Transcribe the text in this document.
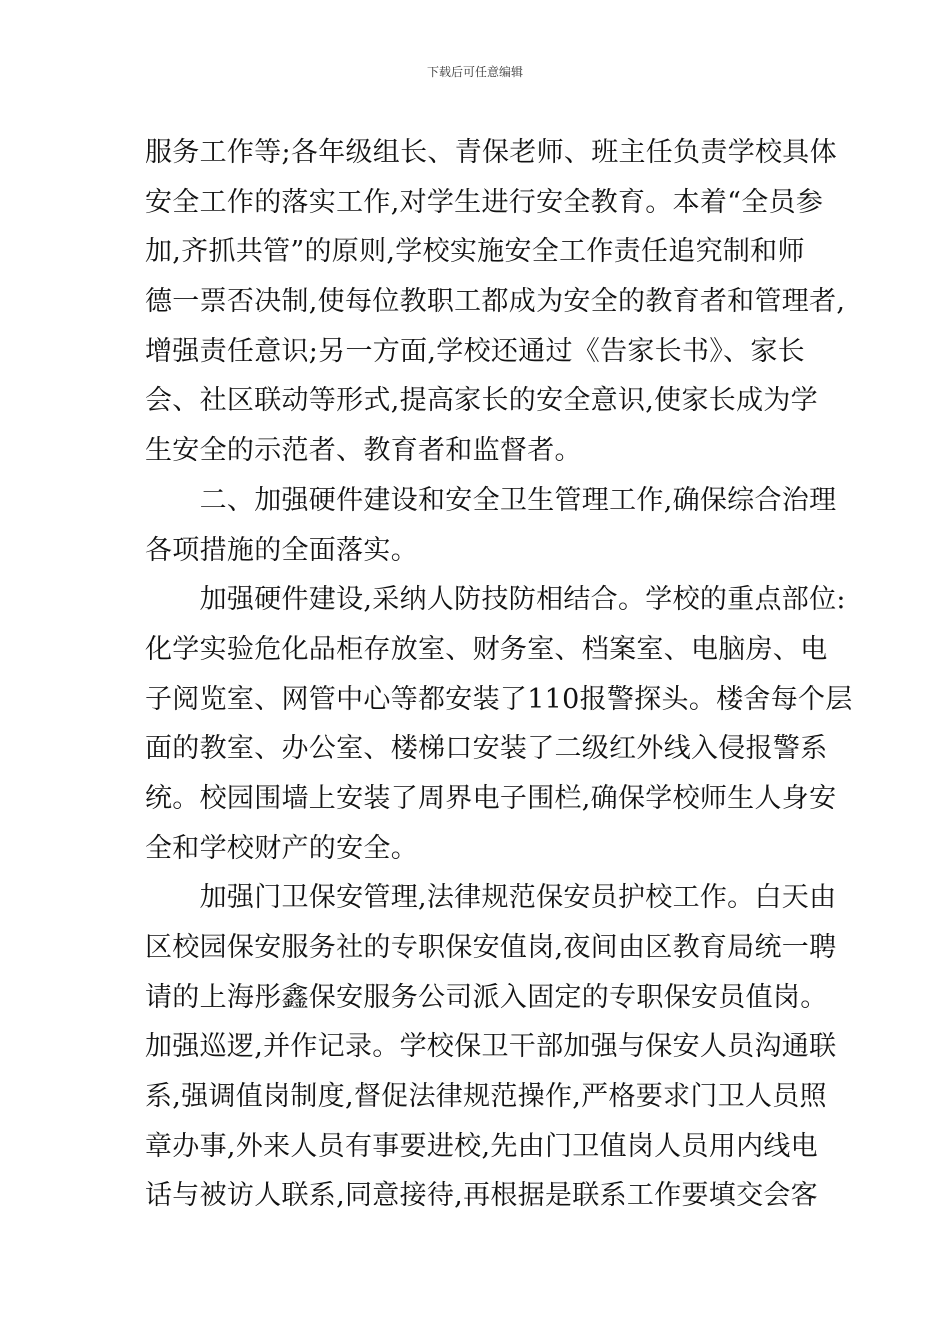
下载后可任意编辑
服务工作等;各年级组长、青保老师、班主任负责学校具体
安全工作的落实工作,对学生进行安全教育。本着“全员参
加,齐抓共管”的原则,学校实施安全工作责任追究制和师
德一票否决制,使每位教职工都成为安全的教育者和管理者,
增强责任意识;另一方面,学校还通过《告家长书》、家长
会、社区联动等形式,提高家长的安全意识,使家长成为学
生安全的示范者、教育者和监督者。
　　二、加强硬件建设和安全卫生管理工作,确保综合治理
各项措施的全面落实。
　　加强硬件建设,采纳人防技防相结合。学校的重点部位:
化学实验危化品柜存放室、财务室、档案室、电脑房、电
子阅览室、网管中心等都安装了110报警探头。楼舍每个层
面的教室、办公室、楼梯口安装了二级红外线入侵报警系
统。校园围墙上安装了周界电子围栏,确保学校师生人身安
全和学校财产的安全。
　　加强门卫保安管理,法律规范保安员护校工作。白天由
区校园保安服务社的专职保安值岗,夜间由区教育局统一聘
请的上海彤鑫保安服务公司派入固定的专职保安员值岗。
加强巡逻,并作记录。学校保卫干部加强与保安人员沟通联
系,强调值岗制度,督促法律规范操作,严格要求门卫人员照
章办事,外来人员有事要进校,先由门卫值岗人员用内线电
话与被访人联系,同意接待,再根据是联系工作要填交会客
